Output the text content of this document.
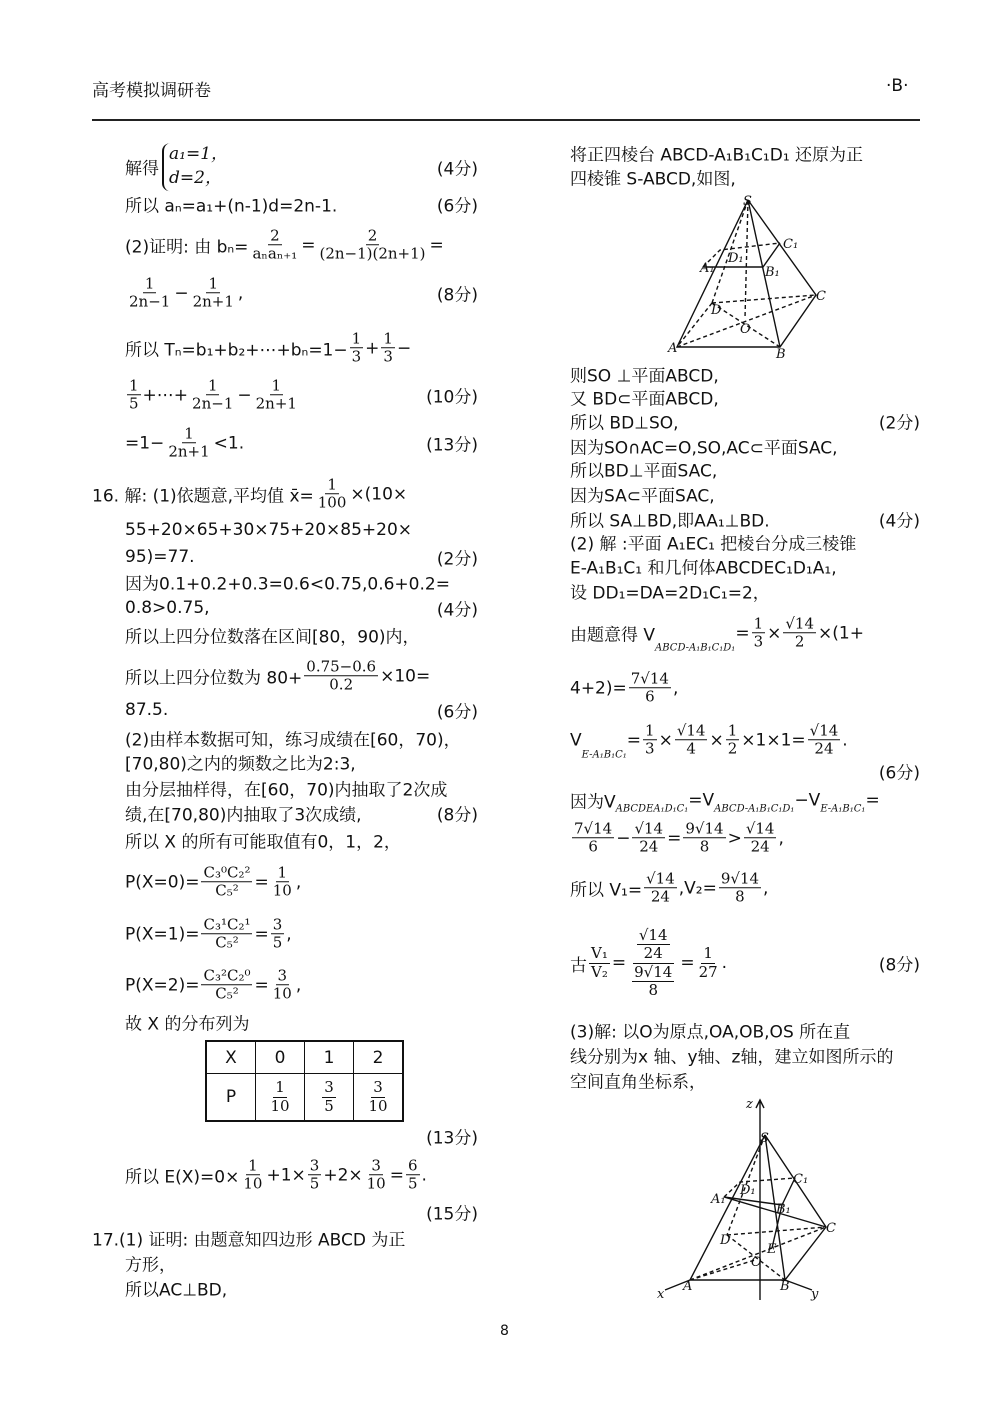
高考模拟调研卷	·B·
解得
a₁=1，
d=2，	(4分)
所以 aₙ=a₁+(n-1)d=2n-1.	(6分)
(2)证明: 由 $b_n= \frac{2}{\text{aₙaₙ₊₁}} = \frac{2}{(2n-1)(2n+1)}$ =
$\frac{1}{2n-1} - \frac{1}{2n+1}$ ,	(8分)
所以 Tₙ=b₁+b₂+⋯+bₙ=1− $\frac{1}{3} + \frac{1}{3}$ −
$\frac{1}{5}$ +⋯+ $\frac{1}{2n-1} - \frac{1}{2n+1}$	(10分)
$=1- \frac{1}{2n+1} <1$.	(13分)
16. 解: (1)依题意,平均值 x̄= $\frac{1}{100} \times(10\times$
55+20×65+30×75+20×85+20×
95)=77.	(2分)
因为0.1+0.2+0.3=0.6<0.75,0.6+0.2=
0.8>0.75,	(4分)
所以上四分位数落在区间[80，90)内，
所以上四分位数为 $80+ \frac{0.75-0.6}{0.2} \times 10=$
87.5.	(6分)
(2)由样本数据可知，练习成绩在[60，70)，
[70,80)之内的频数之比为2:3,
由分层抽样得，在[60，70)内抽取了2次成
绩,在[70,80)内抽取了3次成绩,	(8分)
所以 X 的所有可能取值有0，1，2，
$P(X=0)= \frac{\text{C₃⁰C₂²}}{\text{C₅²}} = \frac{1}{10}$ ,
$P(X=1)= \frac{\text{C₃¹C₂¹}}{\text{C₅²}} = \frac{3}{5}$ ,
$P(X=2)= \frac{\text{C₃²C₂⁰}}{\text{C₅²}} = \frac{3}{10}$ ,
故 X 的分布列为
(13分)
所以 $E(X)=0\times \frac{1}{10} +1\times \frac{3}{5} +2\times \frac{3}{10} = \frac{6}{5}$ .
(15分)
17.(1) 证明: 由题意知四边形 ABCD 为正
方形，
所以AC⊥BD,
将正四棱台 ABCD-A₁B₁C₁D₁ 还原为正
四棱锥 S-ABCD,如图,
则SO ⊥平面ABCD,
又 BD⊂平面ABCD,
所以 BD⊥SO,	(2分)
因为SO∩AC=O,SO,AC⊂平面SAC,
所以BD⊥平面SAC,
因为SA⊂平面SAC,
所以 SA⊥BD,即AA₁⊥BD.	(4分)
(2) 解 :平面 A₁EC₁ 把棱台分成三棱锥
E-A₁B₁C₁ 和几何体ABCDEC₁D₁A₁,
设 DD₁=DA=2D₁C₁=2，
由题意得 V
ABCD-A₁B₁C₁D₁
= $\frac{1}{3} \times \frac{√14}{2} \times(1+$
$4+2)= \frac{7√14}{6}$ ,
V
E-A₁B₁C₁
= $\frac{1}{3} \times \frac{√14}{4} \times \frac{1}{2} \times 1\times 1= \frac{√14}{24}$ .
(6分)
因为V ABCDEA₁D₁C₁ =V ABCD-A₁B₁C₁D₁ −V E-A₁B₁C₁ =
$\frac{7√14}{6} - \frac{√14}{24} = \frac{9√14}{8} > \frac{√14}{24}$ ,
所以 $V_1= \frac{√14}{24} ,V_2= \frac{9√14}{8}$ ,
古 $\frac{\text{V₁}}{\text{V₂}} = \frac{\frac{√14}{24}}{\frac{9√14}{8}} = \frac{1}{27}$ .	(8分)
(3)解: 以O为原点,OA,OB,OS 所在直
线分别为x 轴、y轴、z轴，建立如图所示的
空间直角坐标系，
X	0	1	2
P	$\frac{1}{10}$	$\frac{3}{5}$	$\frac{3}{10}$
S
C₁
D₁
A₁	B₁
C
D
O
A	B
z
S
C₁
D₁
A₁
B₁
C
D
E
O
A	B
x	y
8
